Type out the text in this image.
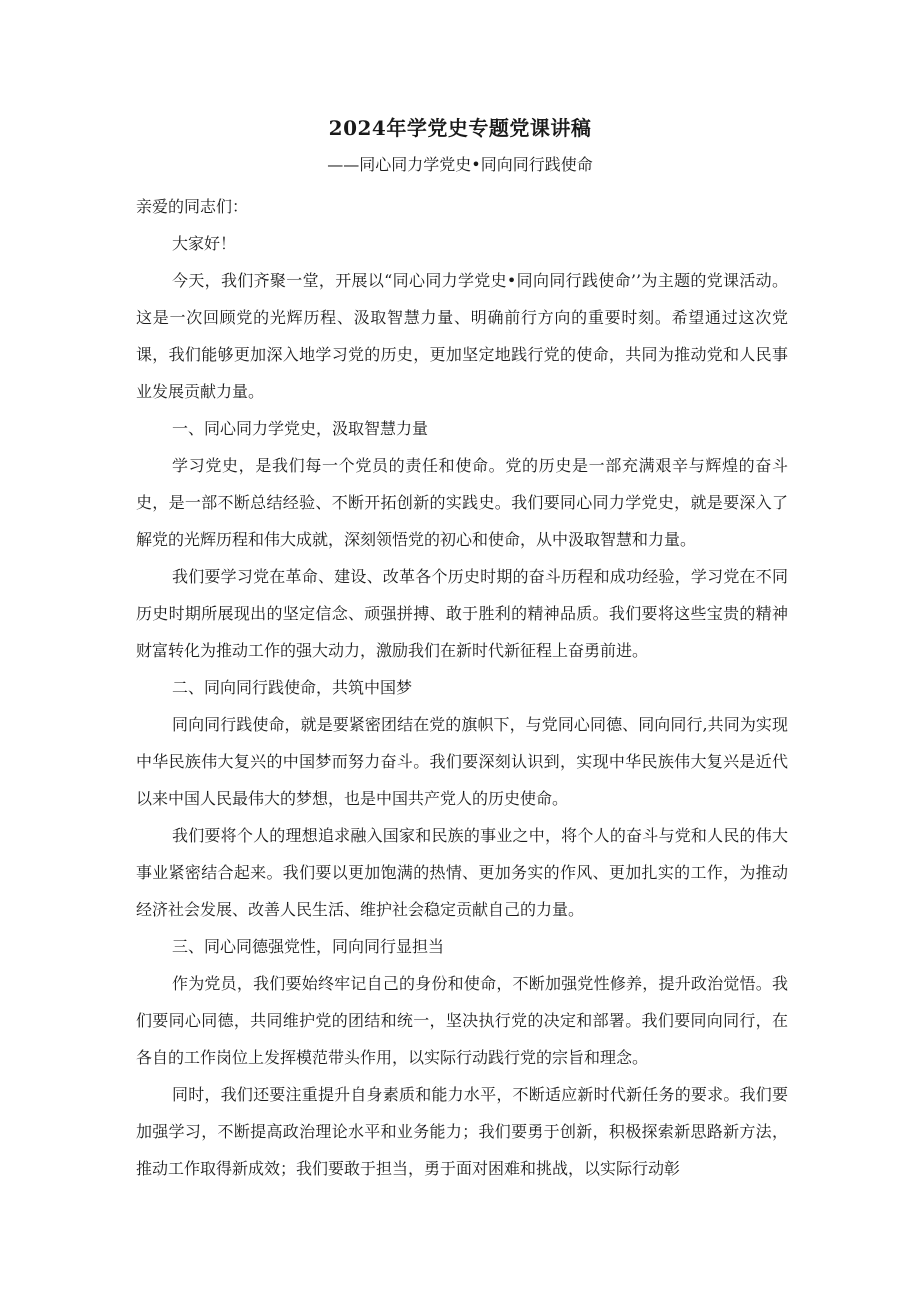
2024年学党史专题党课讲稿
——同心同力学党史•同向同行践使命

亲爱的同志们：

大家好！

今天，我们齐聚一堂，开展以“同心同力学党史•同向同行践使命’’为主题的党课活动。这是一次回顾党的光辉历程、汲取智慧力量、明确前行方向的重要时刻。希望通过这次党课，我们能够更加深入地学习党的历史，更加坚定地践行党的使命，共同为推动党和人民事业发展贡献力量。

一、同心同力学党史，汲取智慧力量

学习党史，是我们每一个党员的责任和使命。党的历史是一部充满艰辛与辉煌的奋斗史，是一部不断总结经验、不断开拓创新的实践史。我们要同心同力学党史，就是要深入了解党的光辉历程和伟大成就，深刻领悟党的初心和使命，从中汲取智慧和力量。

我们要学习党在革命、建设、改革各个历史时期的奋斗历程和成功经验，学习党在不同历史时期所展现出的坚定信念、顽强拼搏、敢于胜利的精神品质。我们要将这些宝贵的精神财富转化为推动工作的强大动力，激励我们在新时代新征程上奋勇前进。

二、同向同行践使命，共筑中国梦

同向同行践使命，就是要紧密团结在党的旗帜下，与党同心同德、同向同行,共同为实现中华民族伟大复兴的中国梦而努力奋斗。我们要深刻认识到，实现中华民族伟大复兴是近代以来中国人民最伟大的梦想，也是中国共产党人的历史使命。

我们要将个人的理想追求融入国家和民族的事业之中，将个人的奋斗与党和人民的伟大事业紧密结合起来。我们要以更加饱满的热情、更加务实的作风、更加扎实的工作，为推动经济社会发展、改善人民生活、维护社会稳定贡献自己的力量。

三、同心同德强党性，同向同行显担当

作为党员，我们要始终牢记自己的身份和使命，不断加强党性修养，提升政治觉悟。我们要同心同德，共同维护党的团结和统一，坚决执行党的决定和部署。我们要同向同行，在各自的工作岗位上发挥模范带头作用，以实际行动践行党的宗旨和理念。

同时，我们还要注重提升自身素质和能力水平，不断适应新时代新任务的要求。我们要加强学习，不断提高政治理论水平和业务能力；我们要勇于创新，积极探索新思路新方法，推动工作取得新成效；我们要敢于担当，勇于面对困难和挑战，以实际行动彰
